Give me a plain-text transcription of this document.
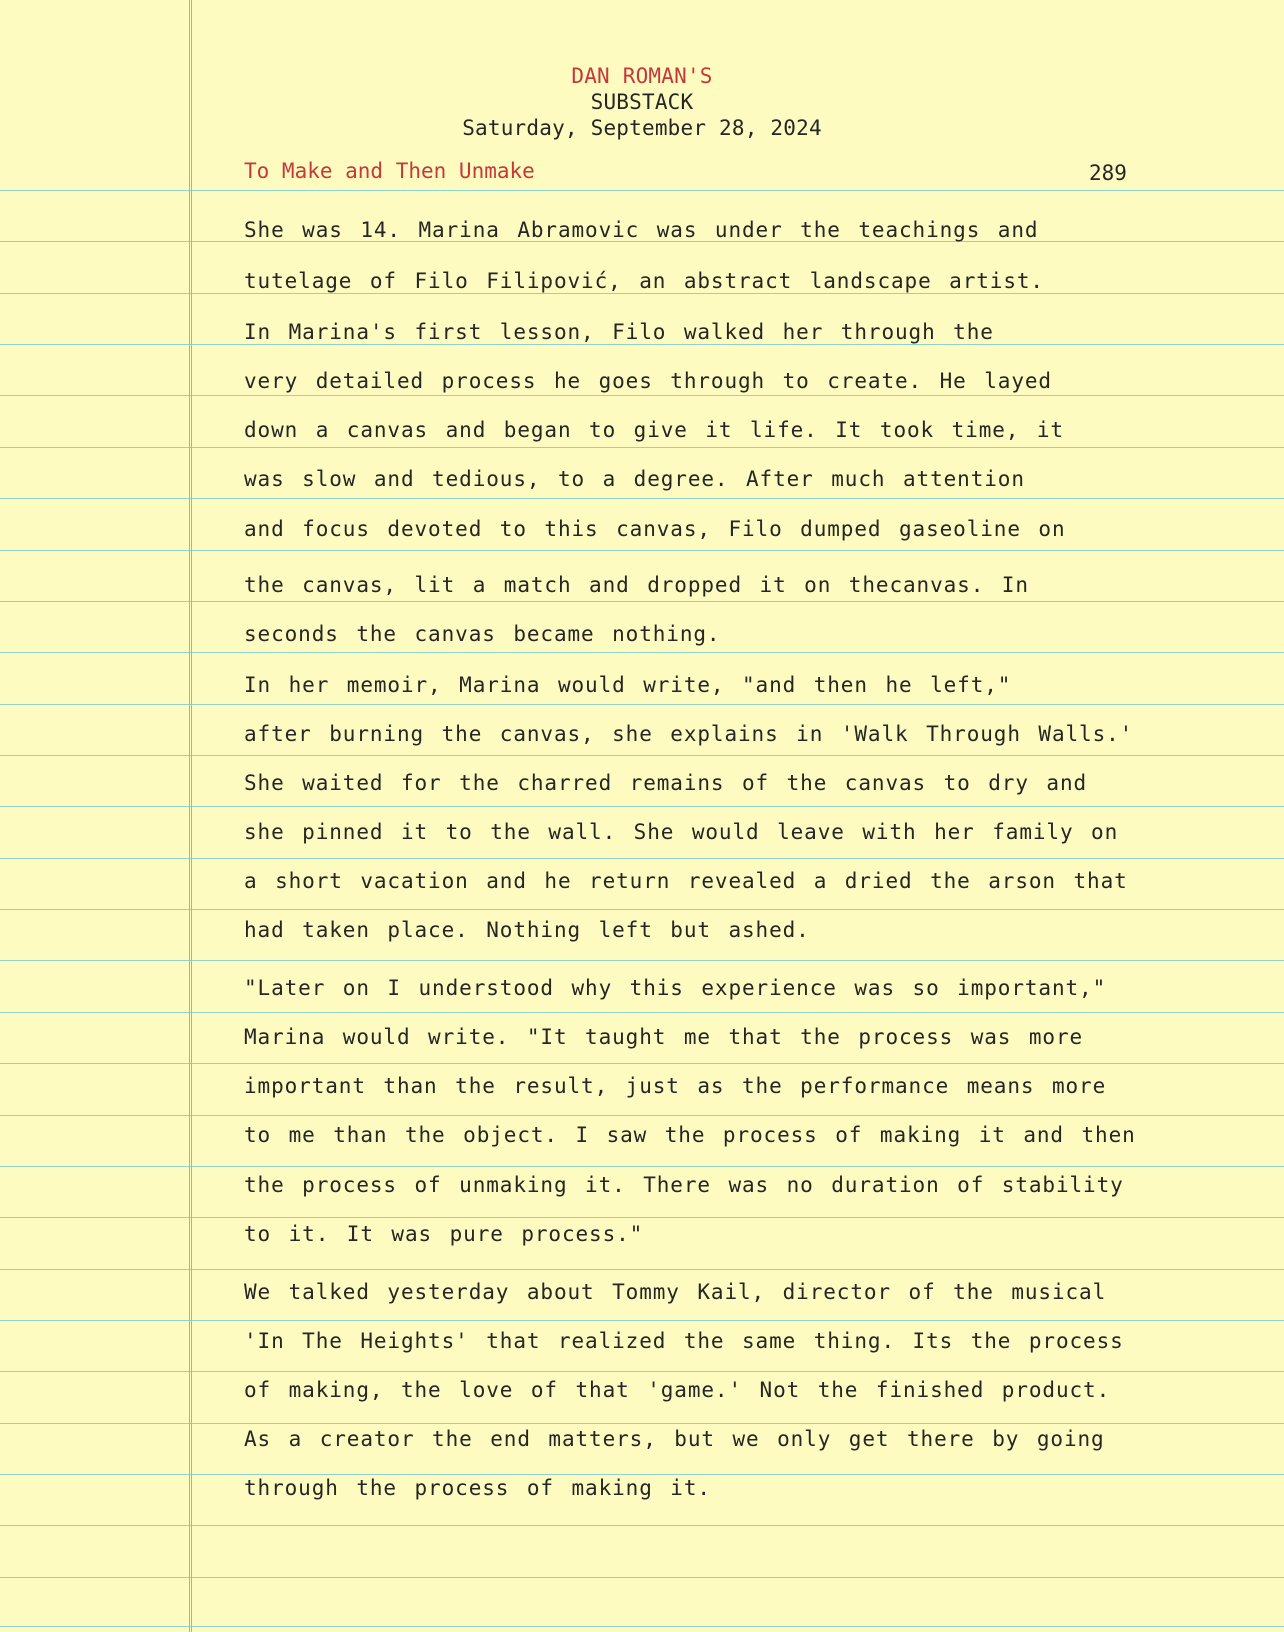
DAN ROMAN'S
SUBSTACK
Saturday, September 28, 2024
To Make and Then Unmake	289
She was 14. Marina Abramovic was under the teachings and
tutelage of Filo Filipović, an abstract landscape artist.
In Marina's first lesson, Filo walked her through the
very detailed process he goes through to create. He layed
down a canvas and began to give it life. It took time, it
was slow and tedious, to a degree. After much attention
and focus devoted to this canvas, Filo dumped gaseoline on
the canvas, lit a match and dropped it on thecanvas. In
seconds the canvas became nothing.
In her memoir, Marina would write, "and then he left,"
after burning the canvas, she explains in 'Walk Through Walls.'
She waited for the charred remains of the canvas to dry and
she pinned it to the wall. She would leave with her family on
a short vacation and he return revealed a dried the arson that
had taken place. Nothing left but ashed.
"Later on I understood why this experience was so important,"
Marina would write. "It taught me that the process was more
important than the result, just as the performance means more
to me than the object. I saw the process of making it and then
the process of unmaking it. There was no duration of stability
to it. It was pure process."
We talked yesterday about Tommy Kail, director of the musical
'In The Heights' that realized the same thing. Its the process
of making, the love of that 'game.' Not the finished product.
As a creator the end matters, but we only get there by going
through the process of making it.
